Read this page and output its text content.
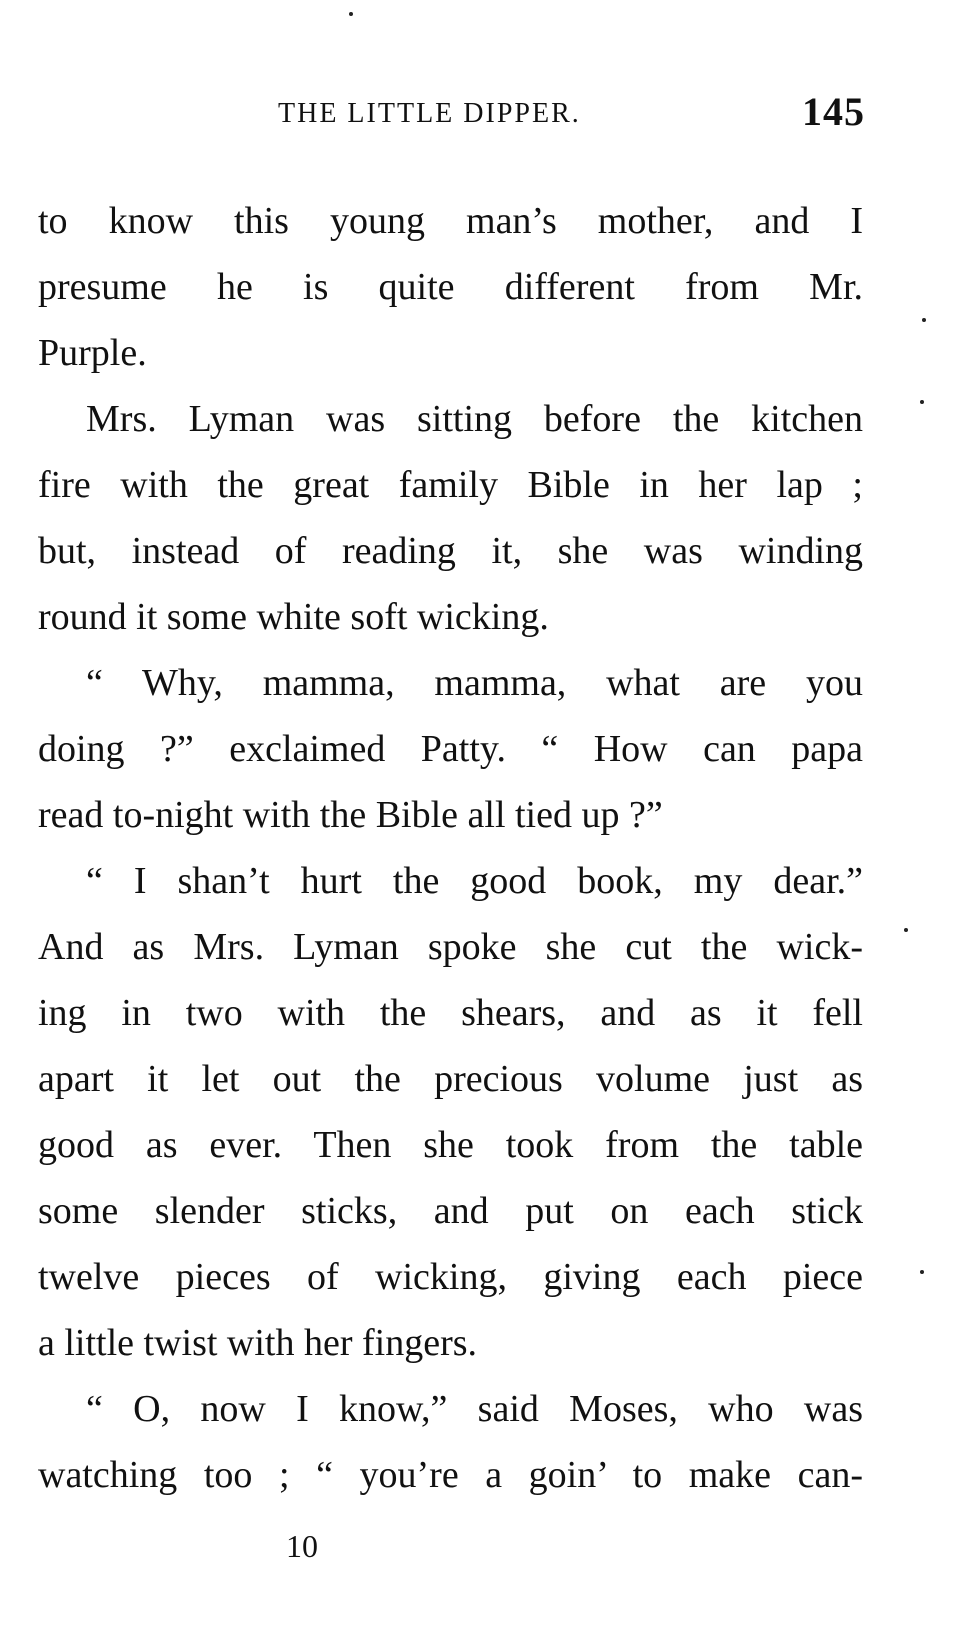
THE LITTLE DIPPER.	145
to know this young man’s mother, and I
presume he is quite different from Mr.
Purple.
Mrs. Lyman was sitting before the kitchen
fire with the great family Bible in her lap ;
but, instead of reading it, she was winding
round it some white soft wicking.
“ Why, mamma, mamma, what are you
doing ?” exclaimed Patty. “ How can papa
read to-night with the Bible all tied up ?”
“ I shan’t hurt the good book, my dear.”
And as Mrs. Lyman spoke she cut the wick-
ing in two with the shears, and as it fell
apart it let out the precious volume just as
good as ever. Then she took from the table
some slender sticks, and put on each stick
twelve pieces of wicking, giving each piece
a little twist with her fingers.
“ O, now I know,” said Moses, who was
watching too ; “ you’re a goin’ to make can-
10
